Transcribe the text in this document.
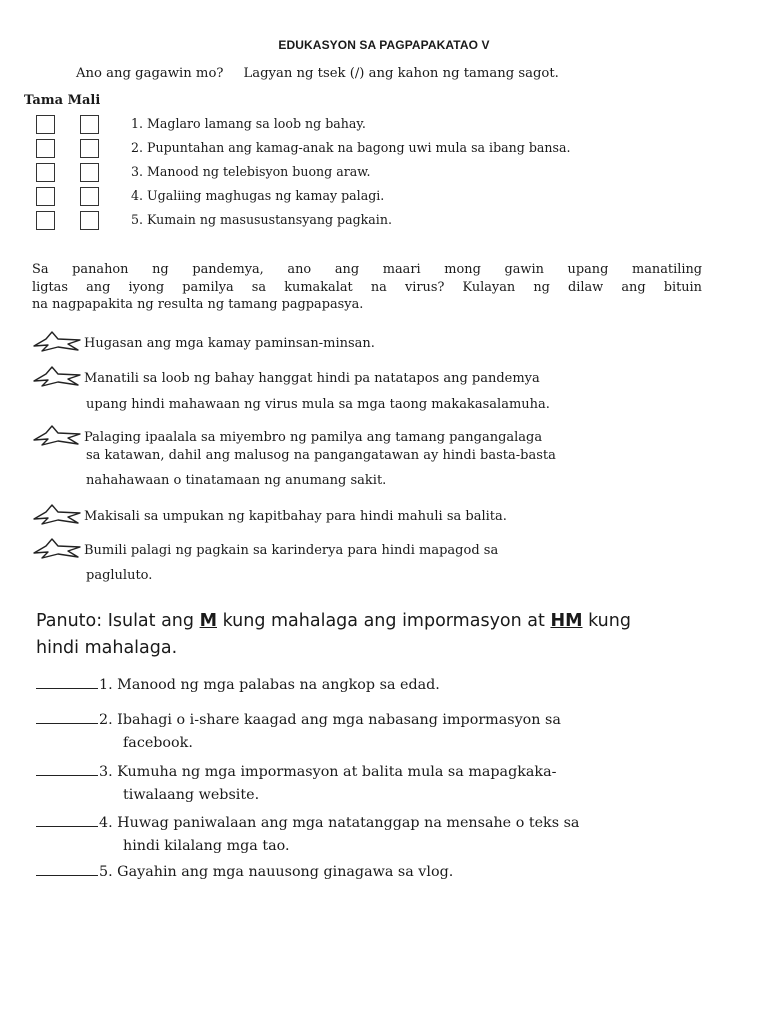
EDUKASYON SA PAGPAPAKATAO V
Ano ang gagawin mo? Lagyan ng tsek (/) ang kahon ng tamang sagot.
Tama Mali
1. Maglaro lamang sa loob ng bahay.
2. Pupuntahan ang kamag-anak na bagong uwi mula sa ibang bansa.
3. Manood ng telebisyon buong araw.
4. Ugaliing maghugas ng kamay palagi.
5. Kumain ng masusustansyang pagkain.
Sa panahon ng pandemya, ano ang maari mong gawin upang manatiling
ligtas ang iyong pamilya sa kumakalat na virus? Kulayan ng dilaw ang bituin
na nagpapakita ng resulta ng tamang pagpapasya.
Hugasan ang mga kamay paminsan-minsan.
Manatili sa loob ng bahay hanggat hindi pa natatapos ang pandemya
upang hindi mahawaan ng virus mula sa mga taong makakasalamuha.
Palaging ipaalala sa miyembro ng pamilya ang tamang pangangalaga
sa katawan, dahil ang malusog na pangangatawan ay hindi basta-basta
nahahawaan o tinatamaan ng anumang sakit.
Makisali sa umpukan ng kapitbahay para hindi mahuli sa balita.
Bumili palagi ng pagkain sa karinderya para hindi mapagod sa
pagluluto.
Panuto: Isulat ang M kung mahalaga ang impormasyon at HM kung
hindi mahalaga.
1. Manood ng mga palabas na angkop sa edad.
2. Ibahagi o i-share kaagad ang mga nabasang impormasyon sa
facebook.
3. Kumuha ng mga impormasyon at balita mula sa mapagkaka-
tiwalaang website.
4. Huwag paniwalaan ang mga natatanggap na mensahe o teks sa
hindi kilalang mga tao.
5. Gayahin ang mga nauusong ginagawa sa vlog.
